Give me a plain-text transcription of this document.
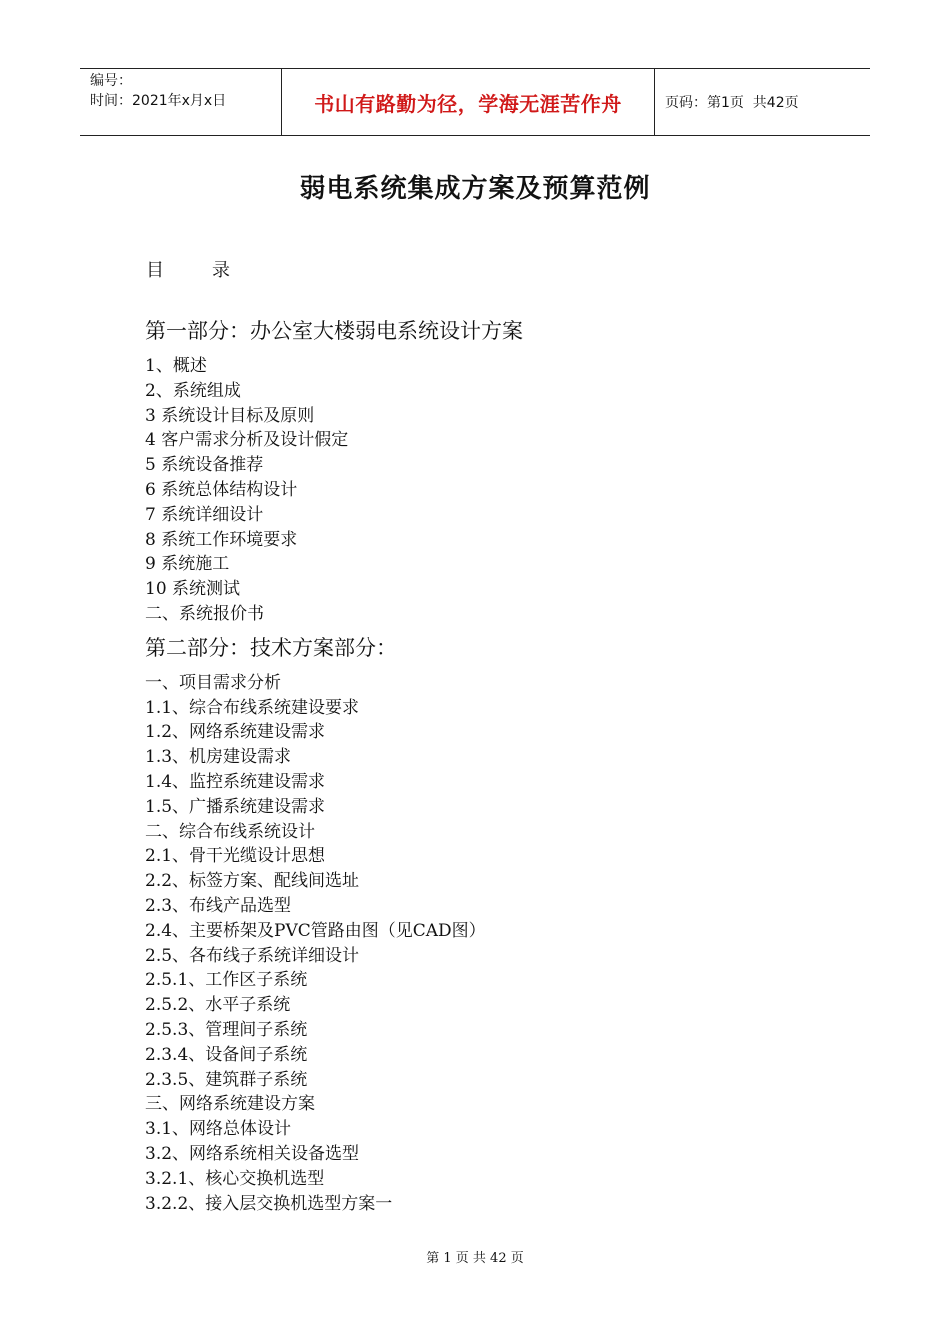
编号：
时间：2021年x月x日	书山有路勤为径，学海无涯苦作舟	页码：第1页  共42页
弱电系统集成方案及预算范例
目	录
第一部分：办公室大楼弱电系统设计方案
1、概述
2、系统组成
3 系统设计目标及原则
4 客户需求分析及设计假定
5 系统设备推荐
6 系统总体结构设计
7 系统详细设计
8 系统工作环境要求
9 系统施工
10 系统测试
二、系统报价书
第二部分：技术方案部分：
一、项目需求分析
1.1、综合布线系统建设要求
1.2、网络系统建设需求
1.3、机房建设需求
1.4、监控系统建设需求
1.5、广播系统建设需求
二、综合布线系统设计
2.1、骨干光缆设计思想
2.2、标签方案、配线间选址
2.3、布线产品选型
2.4、主要桥架及PVC管路由图（见CAD图）
2.5、各布线子系统详细设计
2.5.1、工作区子系统
2.5.2、水平子系统
2.5.3、管理间子系统
2.3.4、设备间子系统
2.3.5、建筑群子系统
三、网络系统建设方案
3.1、网络总体设计
3.2、网络系统相关设备选型
3.2.1、核心交换机选型
3.2.2、接入层交换机选型方案一
第 1 页 共 42 页
